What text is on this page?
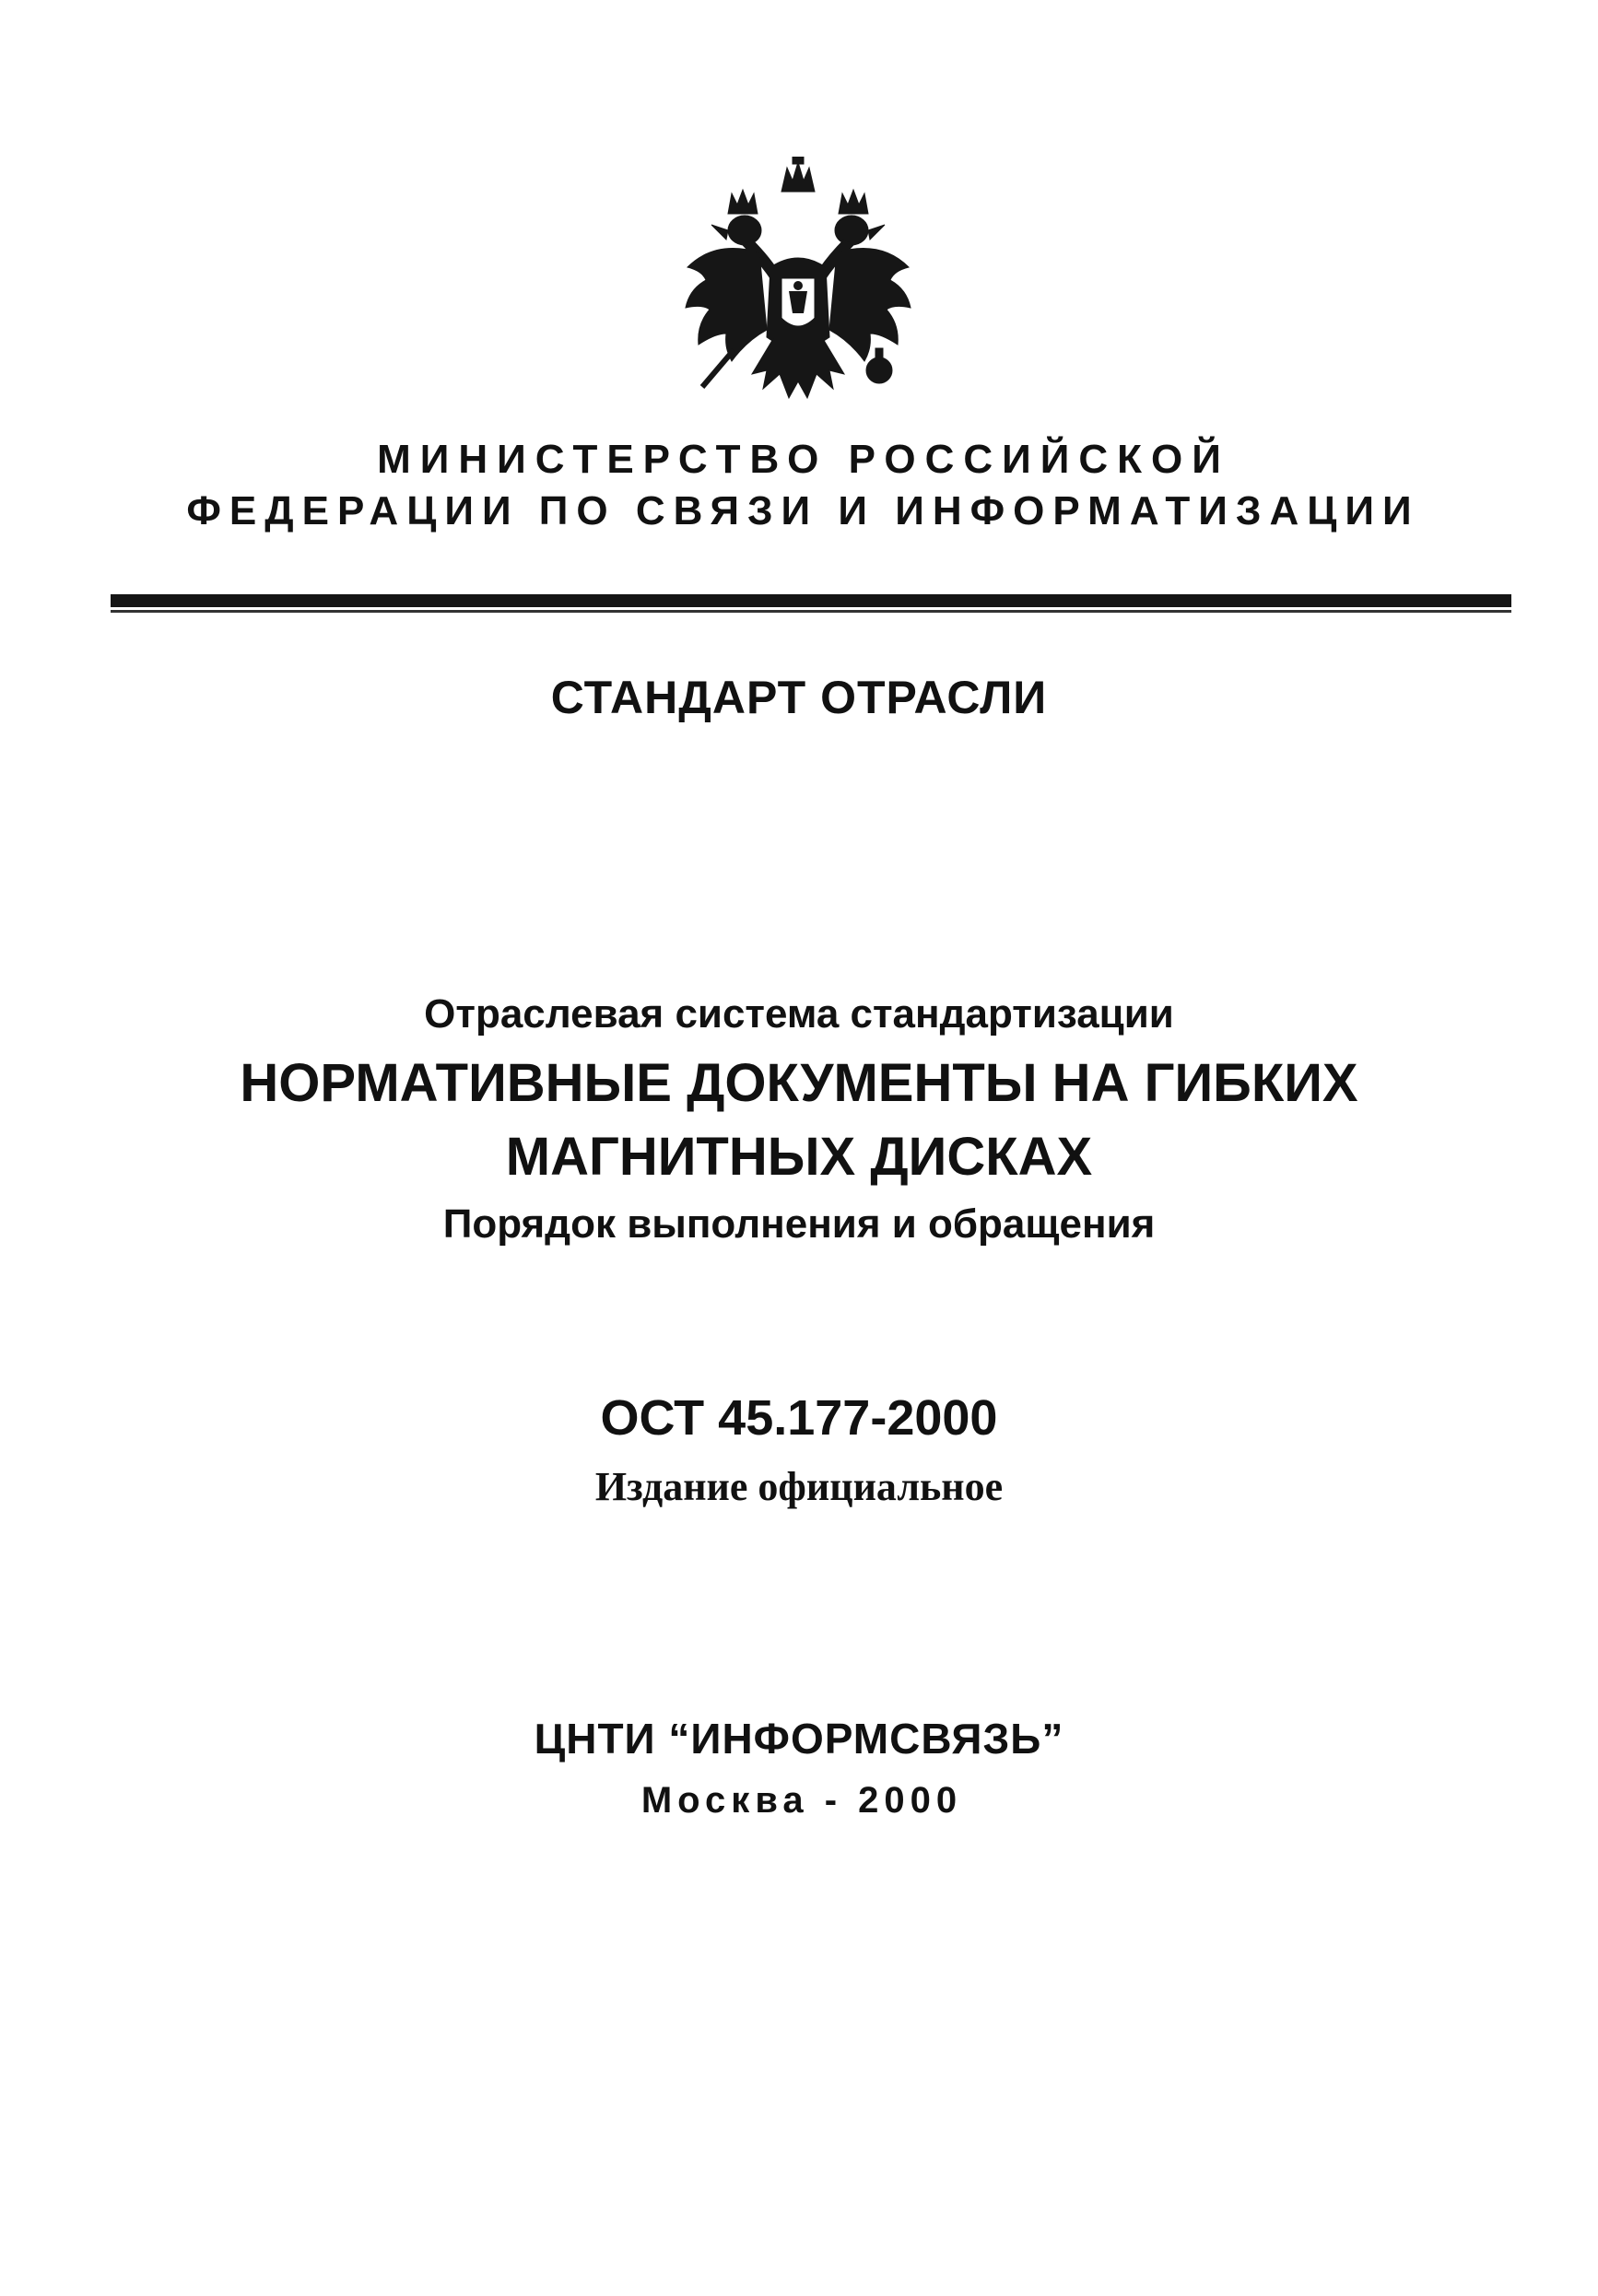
МИНИСТЕРСТВО РОССИЙСКОЙ
ФЕДЕРАЦИИ ПО СВЯЗИ И ИНФОРМАТИЗАЦИИ
СТАНДАРТ ОТРАСЛИ
Отраслевая система стандартизации
НОРМАТИВНЫЕ ДОКУМЕНТЫ НА ГИБКИХ
МАГНИТНЫХ ДИСКАХ
Порядок выполнения и обращения
ОСТ 45.177-2000
Издание официальное
ЦНТИ “ИНФОРМСВЯЗЬ”
Москва - 2000
